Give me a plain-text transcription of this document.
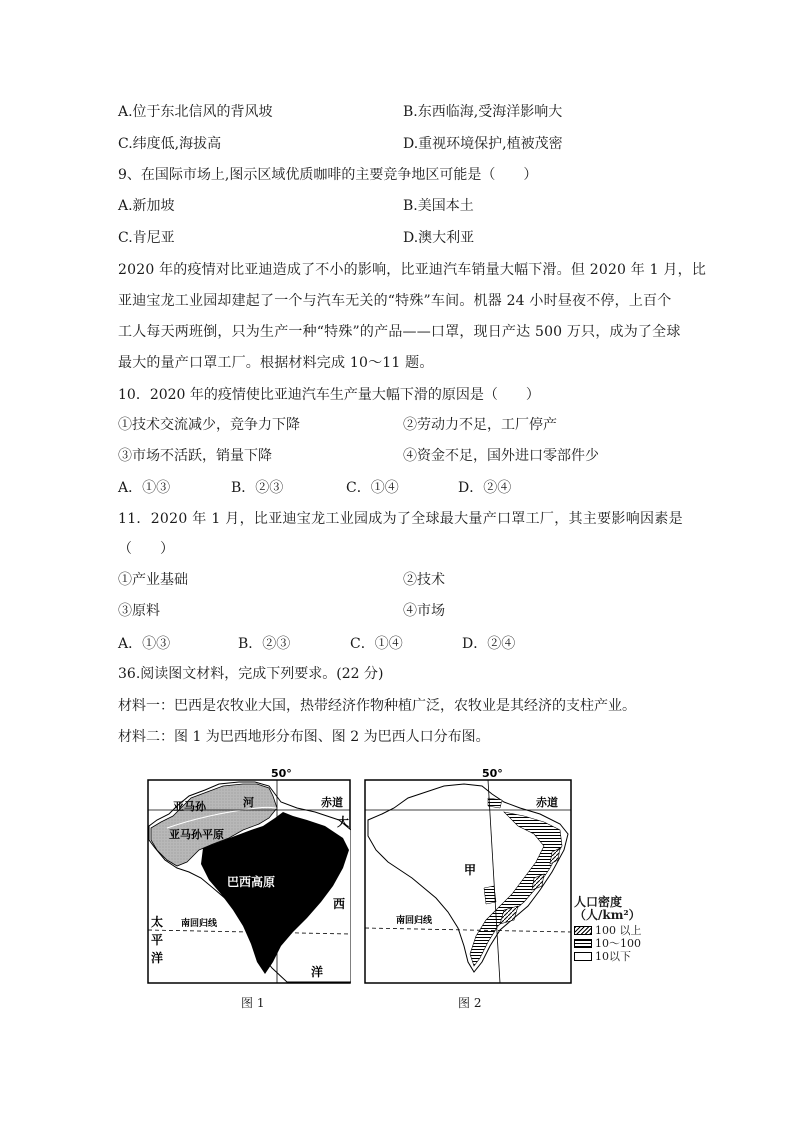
A.位于东北信风的背风坡	B.东西临海,受海洋影响大
C.纬度低,海拔高	D.重视环境保护,植被茂密
9、在国际市场上,图示区域优质咖啡的主要竞争地区可能是（　　）
A.新加坡	B.美国本土
C.肯尼亚	D.澳大利亚
2020 年的疫情对比亚迪造成了不小的影响，比亚迪汽车销量大幅下滑。但 2020 年 1 月，比
亚迪宝龙工业园却建起了一个与汽车无关的“特殊”车间。机器 24 小时昼夜不停，上百个
工人每天两班倒，只为生产一种“特殊”的产品——口罩，现日产达 500 万只，成为了全球
最大的量产口罩工厂。根据材料完成 10～11 题。
10．2020 年的疫情使比亚迪汽车生产量大幅下滑的原因是（　　）
①技术交流减少，竞争力下降	②劳动力不足，工厂停产
③市场不活跃，销量下降	④资金不足，国外进口零部件少
A．①③	B．②③	C．①④	D．②④
11．2020 年 1 月，比亚迪宝龙工业园成为了全球最大量产口罩工厂，其主要影响因素是
（　　）
①产业基础	②技术
③原料	④市场
A．①③	B．②③	C．①④	D．②④
36.阅读图文材料，完成下列要求。(22 分)
材料一：巴西是农牧业大国，热带经济作物种植广泛，农牧业是其经济的支柱产业。
材料二：图 1 为巴西地形分布图、图 2 为巴西人口分布图。
50°
赤道
亚马孙	河
亚马孙平原
巴西高原
南回归线
太
平
洋
大
西
洋
图 1
50°
赤道
甲
南回归线
图 2
人口密度
（人/km²）
100 以上
10～100
10以下
